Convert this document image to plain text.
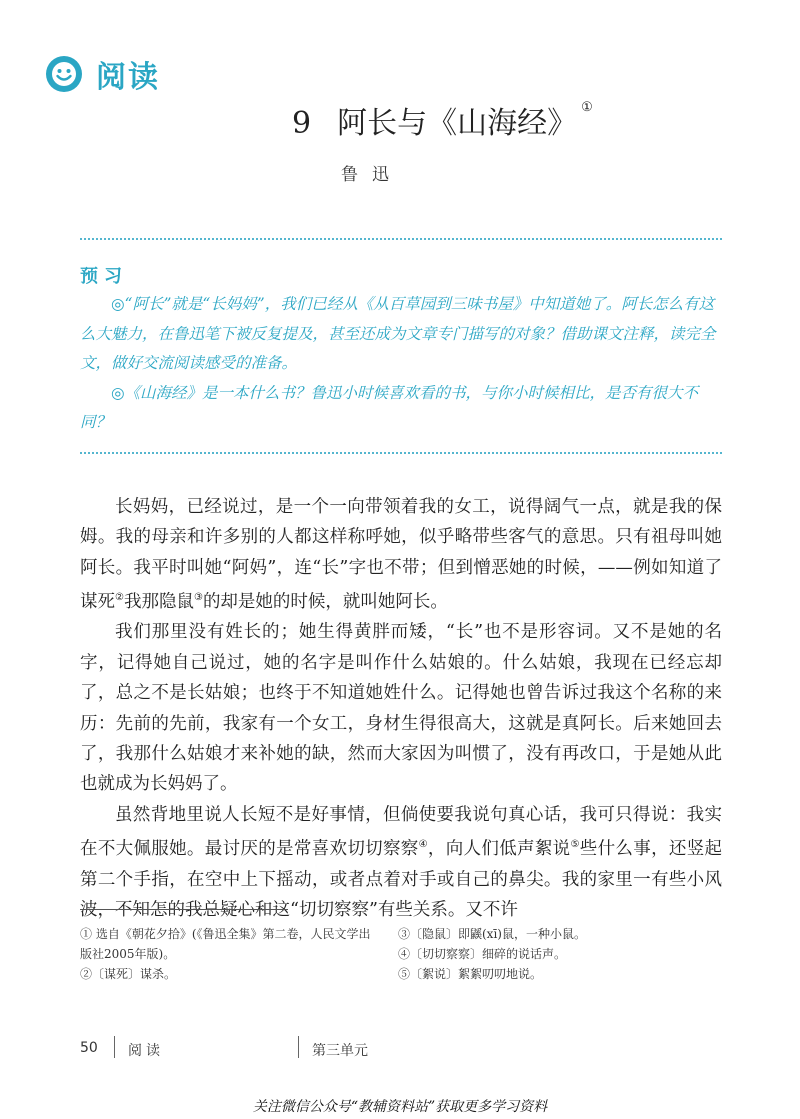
阅读
9 阿长与《山海经》 ①
鲁迅
预习

◎“阿长”就是“长妈妈”，我们已经从《从百草园到三味书屋》中知道她了。阿长怎么有这么大魅力，在鲁迅笔下被反复提及，甚至还成为文章专门描写的对象？借助课文注释，读完全文，做好交流阅读感受的准备。

◎《山海经》是一本什么书？鲁迅小时候喜欢看的书，与你小时候相比，是否有很大不同？

长妈妈，已经说过，是一个一向带领着我的女工，说得阔气一点，就是我的保姆。我的母亲和许多别的人都这样称呼她，似乎略带些客气的意思。只有祖母叫她阿长。我平时叫她“阿妈”，连“长”字也不带；但到憎恶她的时候，——例如知道了谋死②我那隐鼠③的却是她的时候，就叫她阿长。

我们那里没有姓长的；她生得黄胖而矮，“长”也不是形容词。又不是她的名字，记得她自己说过，她的名字是叫作什么姑娘的。什么姑娘，我现在已经忘却了，总之不是长姑娘；也终于不知道她姓什么。记得她也曾告诉过我这个名称的来历：先前的先前，我家有一个女工，身材生得很高大，这就是真阿长。后来她回去了，我那什么姑娘才来补她的缺，然而大家因为叫惯了，没有再改口，于是她从此也就成为长妈妈了。

虽然背地里说人长短不是好事情，但倘使要我说句真心话，我可只得说：我实在不大佩服她。最讨厌的是常喜欢切切察察④，向人们低声絮说⑤些什么事，还竖起第二个手指，在空中上下摇动，或者点着对手或自己的鼻尖。我的家里一有些小风波，不知怎的我总疑心和这“切切察察”有些关系。又不许

① 选自《朝花夕拾》(《鲁迅全集》第二卷，人民文学出版社2005年版)。

②〔谋死〕谋杀。

③〔隐鼠〕即鼷(xī)鼠，一种小鼠。

④〔切切察察〕细碎的说话声。

⑤〔絮说〕絮絮叨叨地说。

50 阅读	第三单元
关注微信公众号“教辅资料站”获取更多学习资料
